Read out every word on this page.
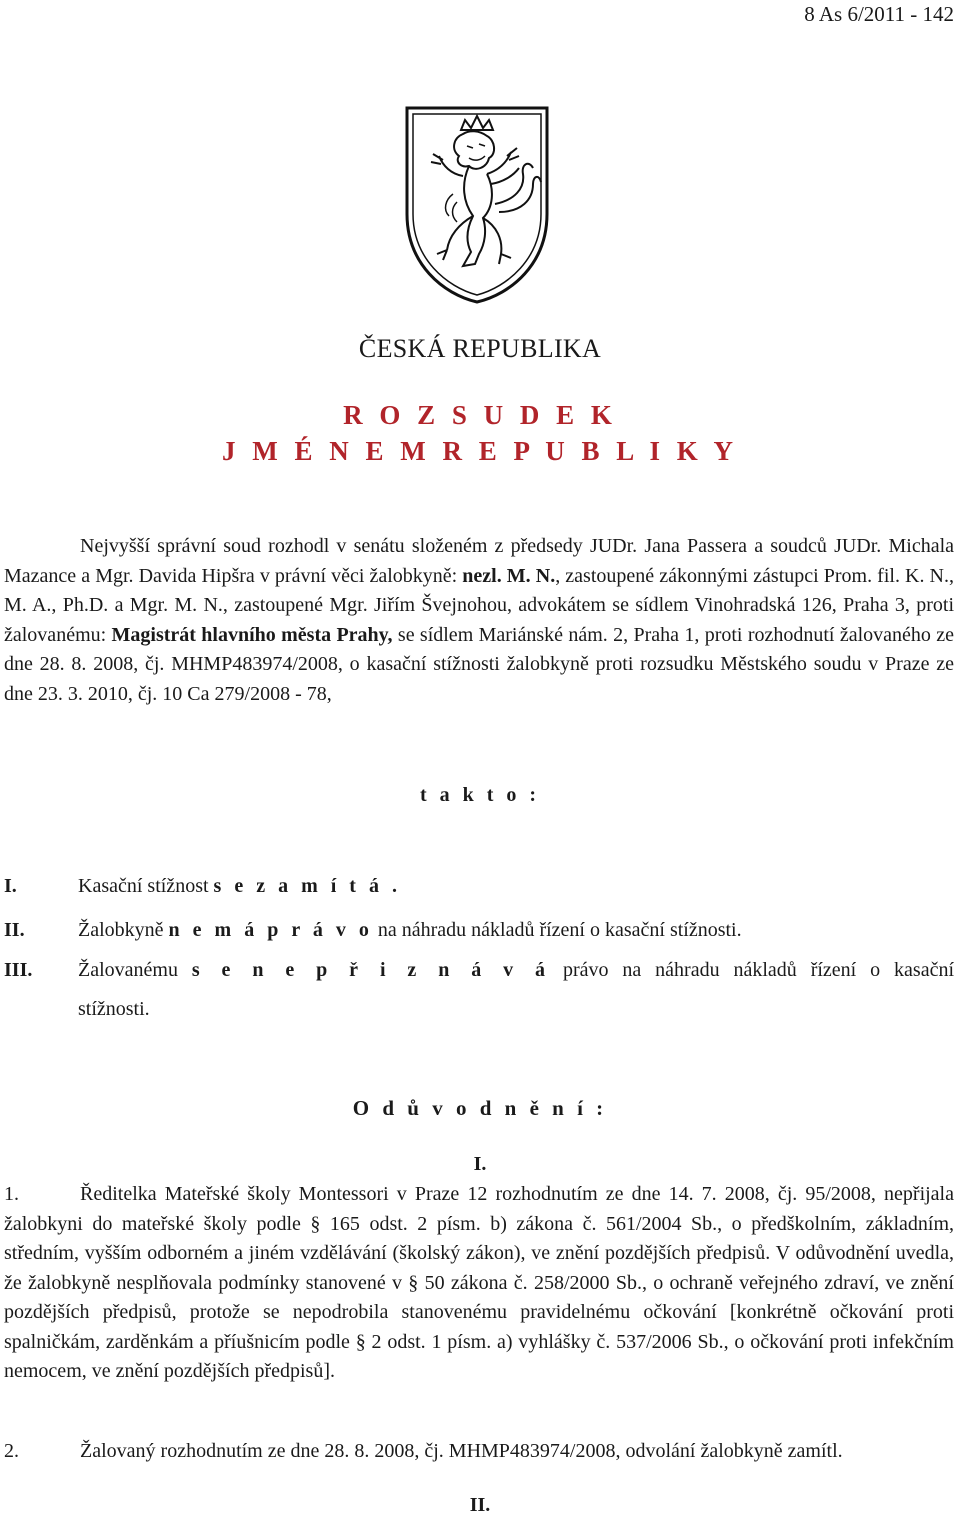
8 As 6/2011 - 142
ČESKÁ REPUBLIKA
R O Z S U D E K
J M É N E M R E P U B L I K Y
Nejvyšší správní soud rozhodl v senátu složeném z předsedy JUDr. Jana Passera a soudců JUDr. Michala Mazance a Mgr. Davida Hipšra v právní věci žalobkyně: nezl. M. N., zastoupené zákonnými zástupci Prom. fil. K. N., M. A., Ph.D. a Mgr. M. N., zastoupené Mgr. Jiřím Švejnohou, advokátem se sídlem Vinohradská 126, Praha 3, proti žalovanému: Magistrát hlavního města Prahy, se sídlem Mariánské nám. 2, Praha 1, proti rozhodnutí žalovaného ze dne 28. 8. 2008, čj. MHMP483974/2008, o kasační stížnosti žalobkyně proti rozsudku Městského soudu v Praze ze dne 23. 3. 2010, čj. 10 Ca 279/2008 - 78,
t a k t o :
I.	Kasační stížnost s e z a m í t á .
II.	Žalobkyně n e m á p r á v o na náhradu nákladů řízení o kasační stížnosti.
III. Žalovanému s e n e p ř i z n á v á právo na náhradu nákladů řízení o kasační
stížnosti.
O d ů v o d n ě n í :
I.
1.	Ředitelka Mateřské školy Montessori v Praze 12 rozhodnutím ze dne 14. 7. 2008, čj. 95/2008, nepřijala žalobkyni do mateřské školy podle § 165 odst. 2 písm. b) zákona č. 561/2004 Sb., o předškolním, základním, středním, vyšším odborném a jiném vzdělávání (školský zákon), ve znění pozdějších předpisů. V odůvodnění uvedla, že žalobkyně nesplňovala podmínky stanovené v § 50 zákona č. 258/2000 Sb., o ochraně veřejného zdraví, ve znění pozdějších předpisů, protože se nepodrobila stanovenému pravidelnému očkování [konkrétně očkování proti spalničkám, zarděnkám a příušnicím podle § 2 odst. 1 písm. a) vyhlášky č. 537/2006 Sb., o očkování proti infekčním nemocem, ve znění pozdějších předpisů].
2.	Žalovaný rozhodnutím ze dne 28. 8. 2008, čj. MHMP483974/2008, odvolání žalobkyně zamítl.
II.
